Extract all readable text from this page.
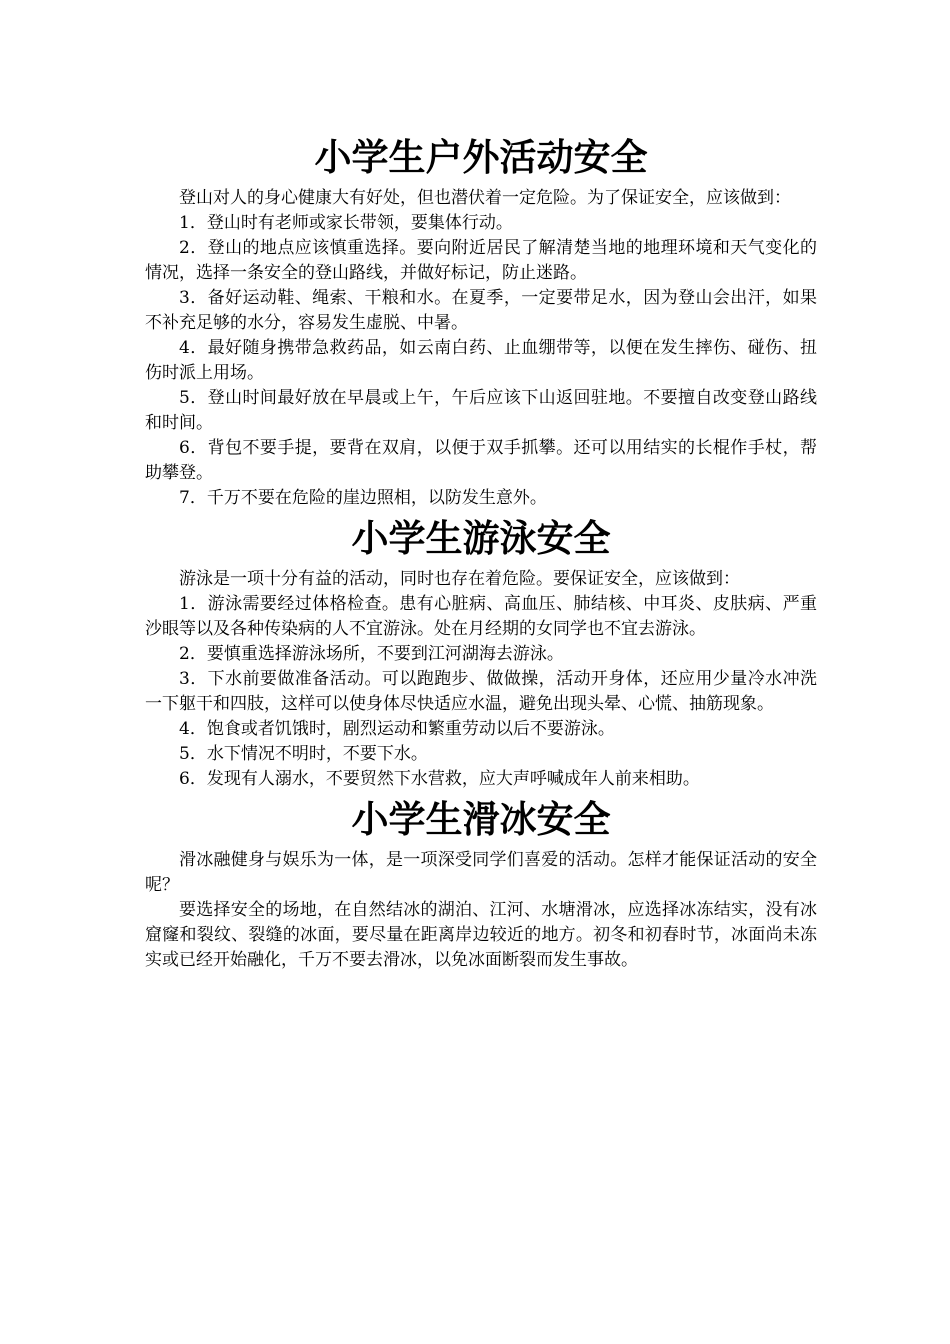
小学生户外活动安全

登山对人的身心健康大有好处，但也潜伏着一定危险。为了保证安全，应该做到：

1．登山时有老师或家长带领，要集体行动。

2．登山的地点应该慎重选择。要向附近居民了解清楚当地的地理环境和天气变化的情况，选择一条安全的登山路线，并做好标记，防止迷路。

3．备好运动鞋、绳索、干粮和水。在夏季，一定要带足水，因为登山会出汗，如果不补充足够的水分，容易发生虚脱、中暑。

4．最好随身携带急救药品，如云南白药、止血绷带等，以便在发生摔伤、碰伤、扭伤时派上用场。

5．登山时间最好放在早晨或上午，午后应该下山返回驻地。不要擅自改变登山路线和时间。

6．背包不要手提，要背在双肩，以便于双手抓攀。还可以用结实的长棍作手杖，帮助攀登。

7．千万不要在危险的崖边照相，以防发生意外。

小学生游泳安全

游泳是一项十分有益的活动，同时也存在着危险。要保证安全，应该做到：

1．游泳需要经过体格检查。患有心脏病、高血压、肺结核、中耳炎、皮肤病、严重沙眼等以及各种传染病的人不宜游泳。处在月经期的女同学也不宜去游泳。

2．要慎重选择游泳场所，不要到江河湖海去游泳。

3．下水前要做准备活动。可以跑跑步、做做操，活动开身体，还应用少量冷水冲洗一下躯干和四肢，这样可以使身体尽快适应水温，避免出现头晕、心慌、抽筋现象。

4．饱食或者饥饿时，剧烈运动和繁重劳动以后不要游泳。

5．水下情况不明时，不要下水。

6．发现有人溺水，不要贸然下水营救，应大声呼喊成年人前来相助。

小学生滑冰安全

滑冰融健身与娱乐为一体，是一项深受同学们喜爱的活动。怎样才能保证活动的安全呢？

要选择安全的场地，在自然结冰的湖泊、江河、水塘滑冰，应选择冰冻结实，没有冰窟窿和裂纹、裂缝的冰面，要尽量在距离岸边较近的地方。初冬和初春时节，冰面尚未冻实或已经开始融化，千万不要去滑冰，以免冰面断裂而发生事故。
